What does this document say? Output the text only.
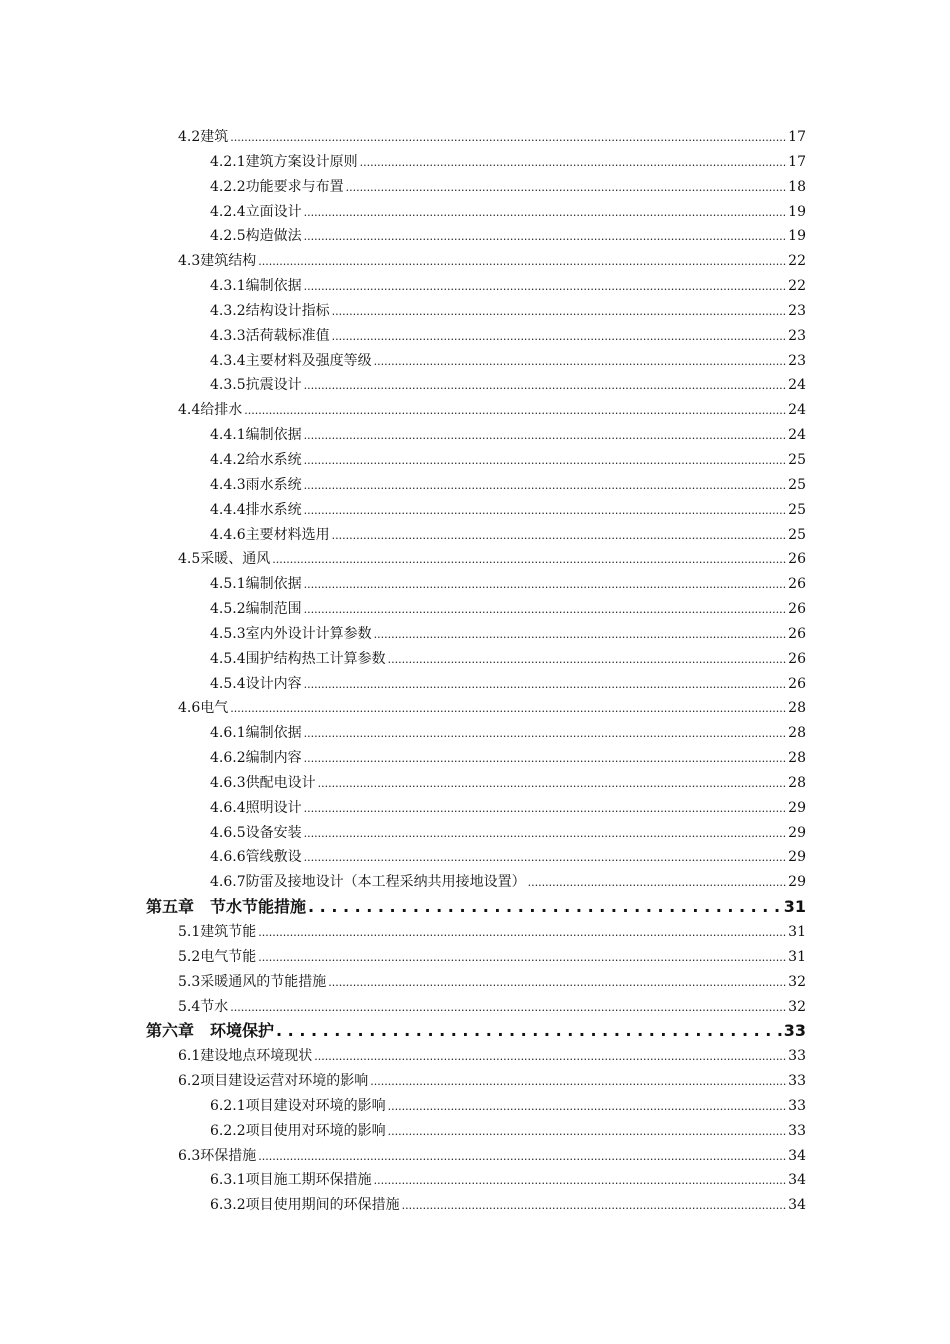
4.2建筑 .....	17
4.2.1建筑方案设计原则 .....	17
4.2.2功能要求与布置 .....	18
4.2.4立面设计 .....	19
4.2.5构造做法 .....	19
4.3建筑结构 .....	22
4.3.1编制依据 .....	22
4.3.2结构设计指标 .....	23
4.3.3活荷载标准值 .....	23
4.3.4主要材料及强度等级 .....	23
4.3.5抗震设计 .....	24
4.4给排水 .....	24
4.4.1编制依据 .....	24
4.4.2给水系统 .....	25
4.4.3雨水系统 .....	25
4.4.4排水系统 .....	25
4.4.6主要材料选用 .....	25
4.5采暖、通风 .....	26
4.5.1编制依据 .....	26
4.5.2编制范围 .....	26
4.5.3室内外设计计算参数 .....	26
4.5.4围护结构热工计算参数 .....	26
4.5.4设计内容 .....	26
4.6电气 .....	28
4.6.1编制依据 .....	28
4.6.2编制内容 .....	28
4.6.3供配电设计 .....	28
4.6.4照明设计 .....	29
4.6.5设备安装 .....	29
4.6.6管线敷设 .....	29
4.6.7防雷及接地设计（本工程采纳共用接地设置） .....	29
第五章　节水节能措施 . . .	31
5.1建筑节能 .....	31
5.2电气节能 .....	31
5.3采暖通风的节能措施 .....	32
5.4节水 .....	32
第六章　环境保护 . . .	33
6.1建设地点环境现状 .....	33
6.2项目建设运营对环境的影响 .....	33
6.2.1项目建设对环境的影响 .....	33
6.2.2项目使用对环境的影响 .....	33
6.3环保措施 .....	34
6.3.1项目施工期环保措施 .....	34
6.3.2项目使用期间的环保措施 .....	34
